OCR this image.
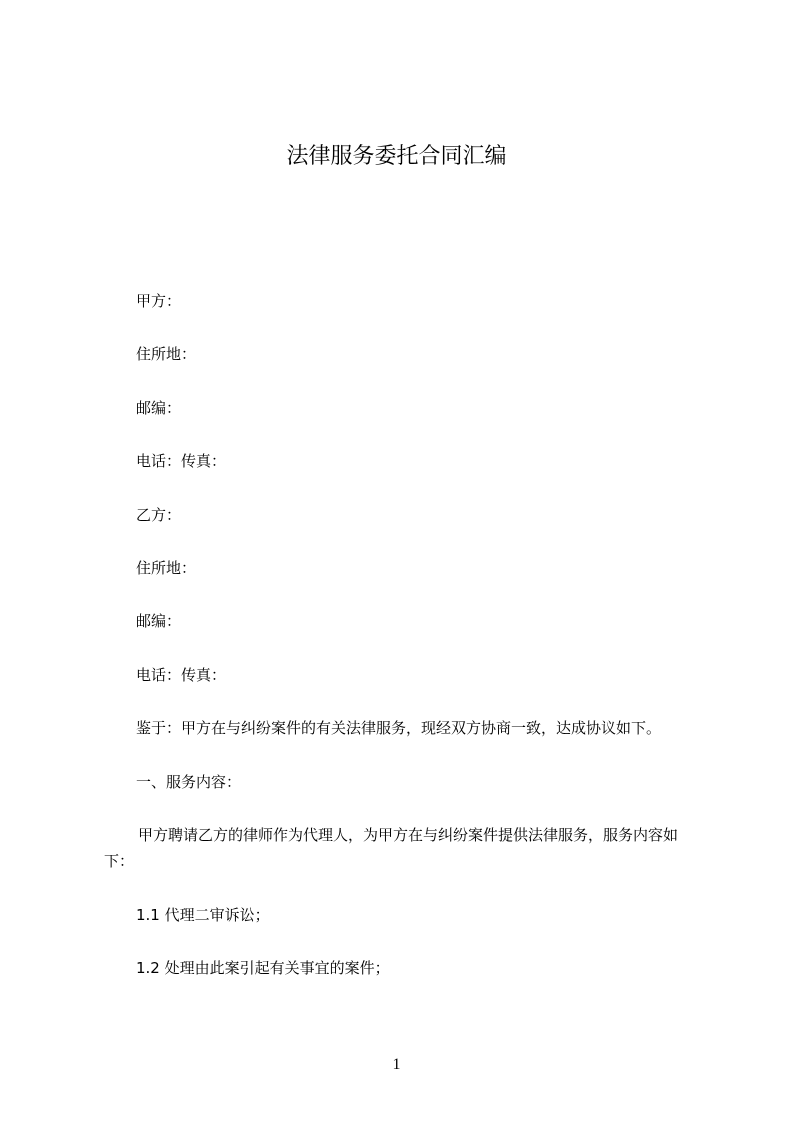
法律服务委托合同汇编
甲方：
住所地：
邮编：
电话：传真：
乙方：
住所地：
邮编：
电话：传真：
鉴于：甲方在与纠纷案件的有关法律服务，现经双方协商一致，达成协议如下。
一、服务内容：
甲方聘请乙方的律师作为代理人，为甲方在与纠纷案件提供法律服务，服务内容如下：
1.1 代理二审诉讼；
1.2 处理由此案引起有关事宜的案件；
1
